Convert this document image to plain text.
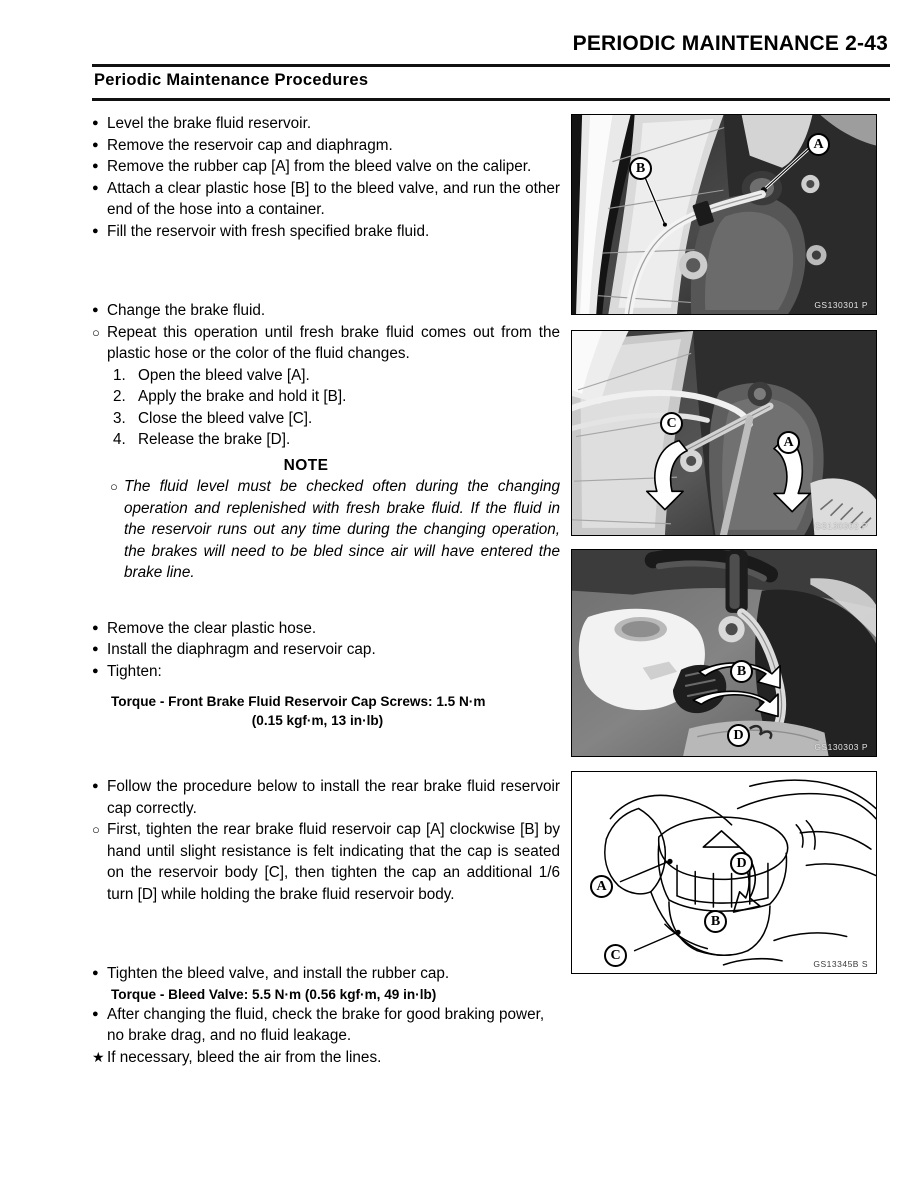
PERIODIC MAINTENANCE 2-43
Periodic Maintenance Procedures
● Level the brake fluid reservoir.
● Remove the reservoir cap and diaphragm.
● Remove the rubber cap [A] from the bleed valve on the caliper.
● Attach a clear plastic hose [B] to the bleed valve, and run the other end of the hose into a container.
● Fill the reservoir with fresh specified brake fluid.
● Change the brake fluid.
○ Repeat this operation until fresh brake fluid comes out from the plastic hose or the color of the fluid changes.
1. Open the bleed valve [A].
2. Apply the brake and hold it [B].
3. Close the bleed valve [C].
4. Release the brake [D].
NOTE
○ The fluid level must be checked often during the changing operation and replenished with fresh brake fluid. If the fluid in the reservoir runs out any time during the changing operation, the brakes will need to be bled since air will have entered the brake line.
● Remove the clear plastic hose.
● Install the diaphragm and reservoir cap.
● Tighten:
Torque - Front Brake Fluid Reservoir Cap Screws: 1.5 N·m
(0.15 kgf·m, 13 in·lb)
● Follow the procedure below to install the rear brake fluid reservoir cap correctly.
○ First, tighten the rear brake fluid reservoir cap [A] clockwise [B] by hand until slight resistance is felt indicating that the cap is seated on the reservoir body [C], then tighten the cap an additional 1/6 turn [D] while holding the brake fluid reservoir body.
● Tighten the bleed valve, and install the rubber cap.
Torque - Bleed Valve: 5.5 N·m (0.56 kgf·m, 49 in·lb)
● After changing the fluid, check the brake for good braking power, no brake drag, and no fluid leakage.
★ If necessary, bleed the air from the lines.
A
B
GS130301 P
C
A
GS130302 P
B
D
GS130303 P
A
D
B
C
GS13345B S
